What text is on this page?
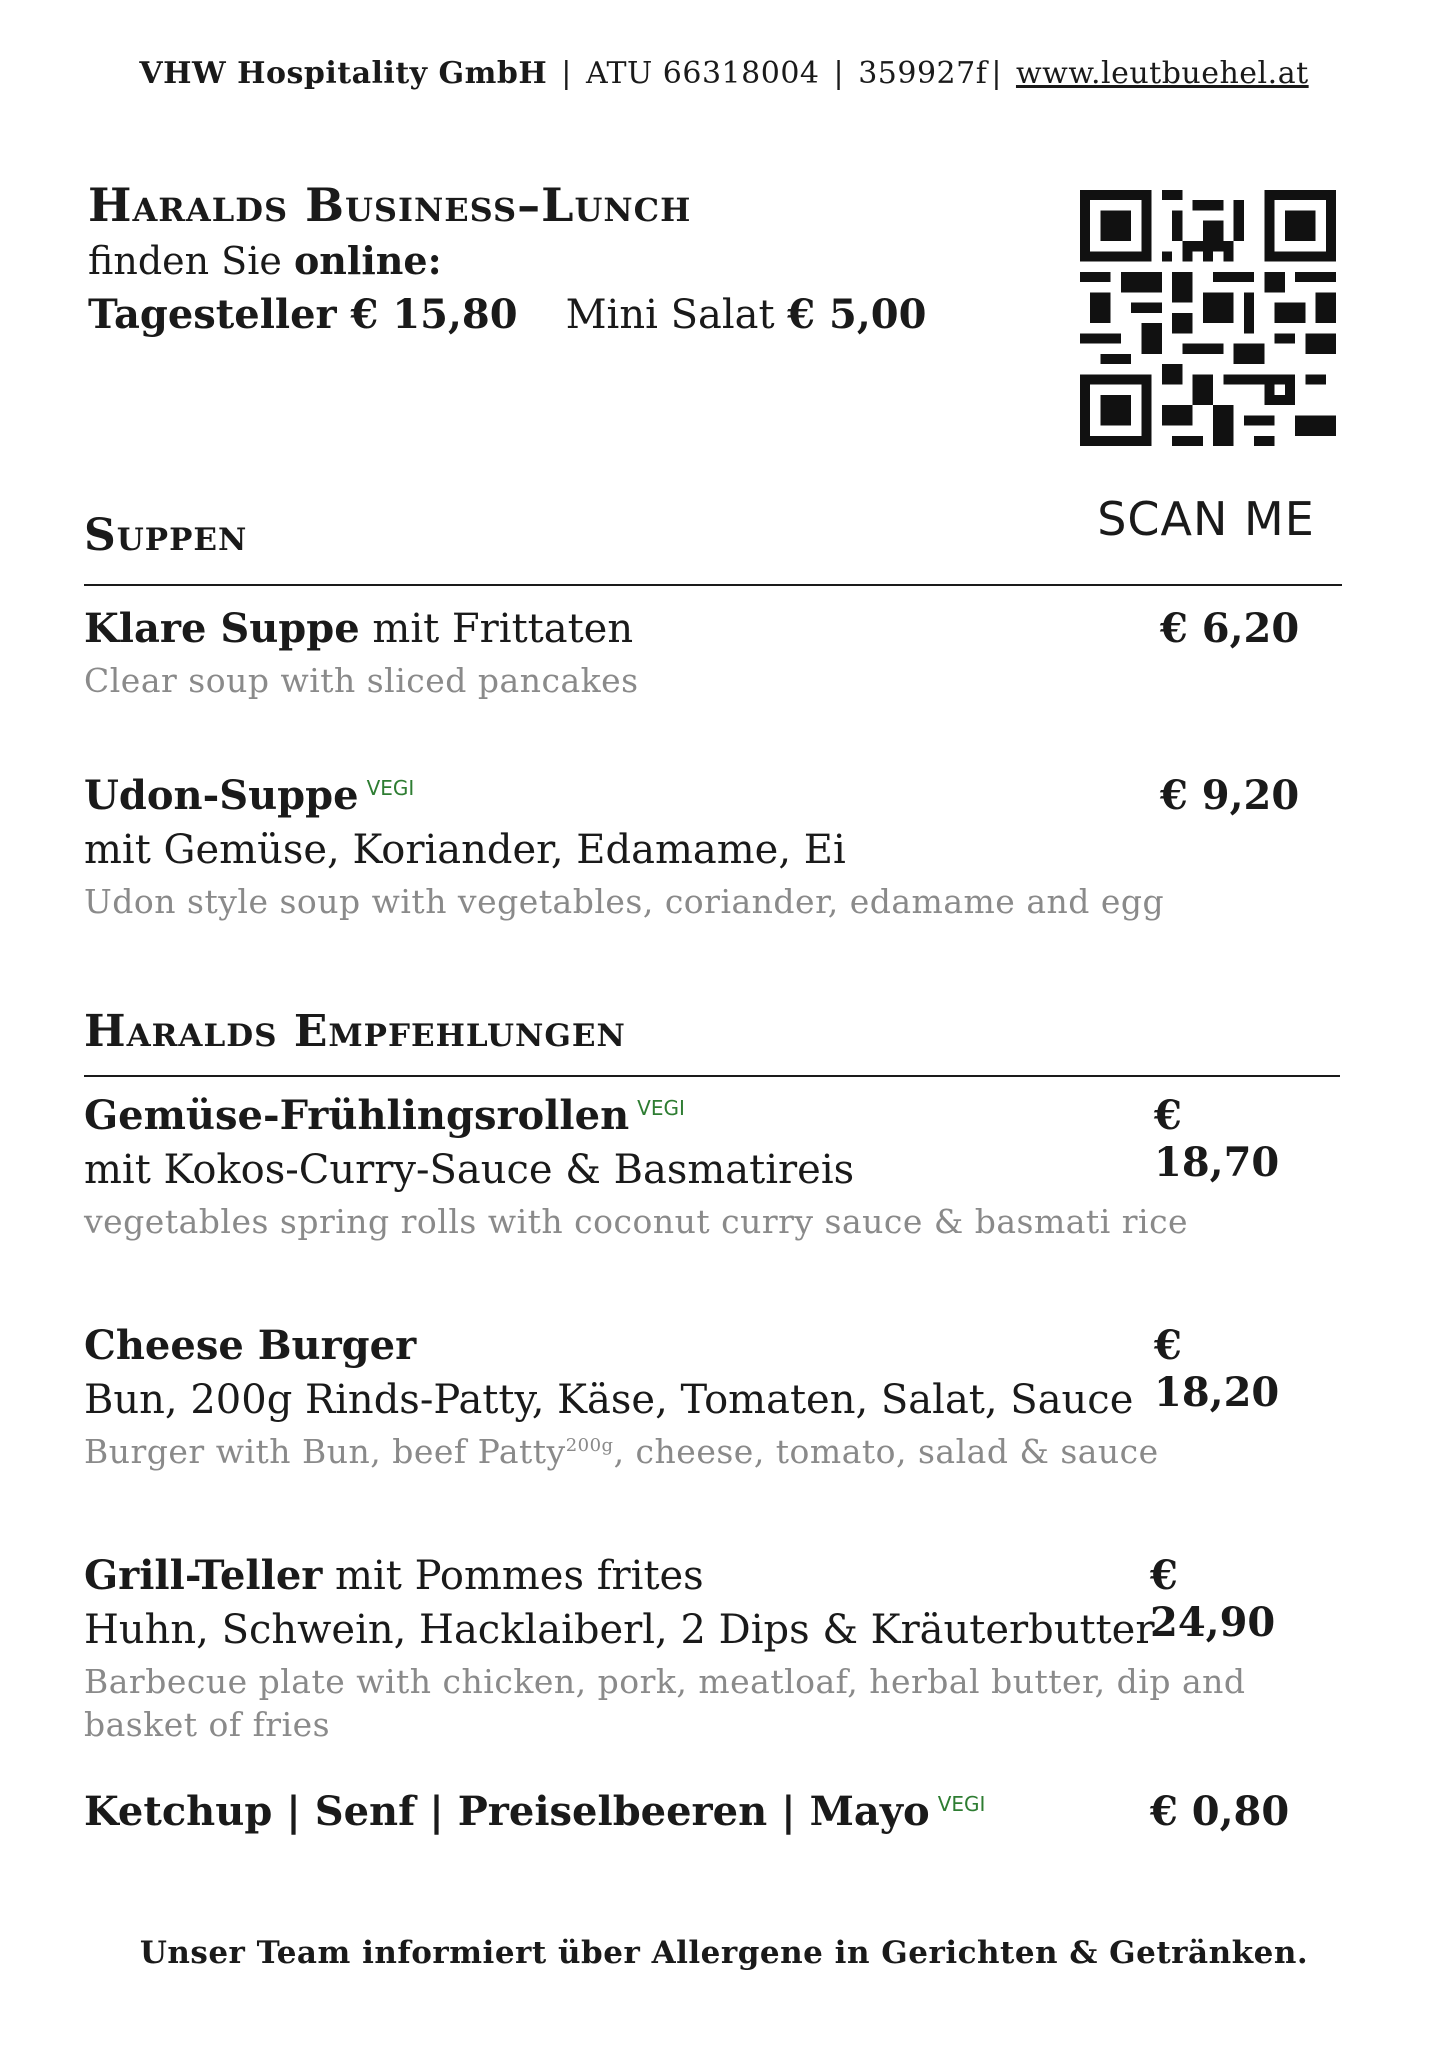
VHW Hospitality GmbH | ATU 66318004 | 359927f | www.leutbuehel.at
Haralds Business–Lunch
finden Sie online:
Tagesteller € 15,80 Mini Salat € 5,00
SCAN ME
Suppen
Klare Suppe mit Frittaten	€ 6,20
Clear soup with sliced pancakes
Udon-Suppe $^{VEGI}$	€ 9,20
mit Gemüse, Koriander, Edamame, Ei
Udon style soup with vegetables, coriander, edamame and egg
Haralds Empfehlungen
Gemüse-Frühlingsrollen $^{VEGI}$	€ 18,70
mit Kokos-Curry-Sauce & Basmatireis
vegetables spring rolls with coconut curry sauce & basmati rice
Cheese Burger	€ 18,20
Bun, 200g Rinds-Patty, Käse, Tomaten, Salat, Sauce
Burger with Bun, beef Patty$^{200g}$, cheese, tomato, salad & sauce
Grill-Teller mit Pommes frites	€ 24,90
Huhn, Schwein, Hacklaiberl, 2 Dips & Kräuterbutter
Barbecue plate with chicken, pork, meatloaf, herbal butter, dip and basket of fries
Ketchup | Senf | Preiselbeeren | Mayo $^{VEGI}$	€ 0,80
Unser Team informiert über Allergene in Gerichten & Getränken.
